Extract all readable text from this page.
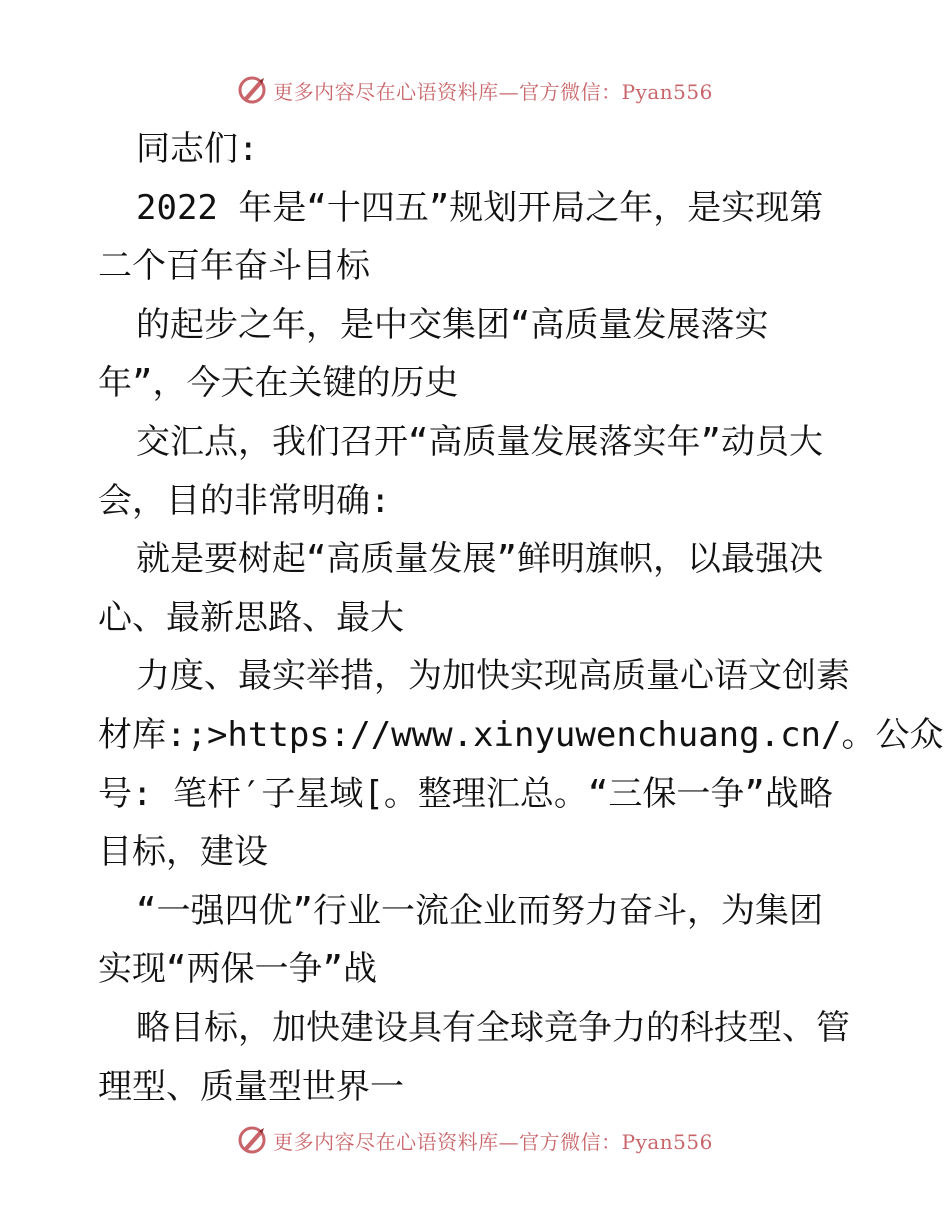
更多内容尽在心语资料库—官方微信：Pyan556
同志们:
2022 年是“十四五”规划开局之年，是实现第
二个百年奋斗目标
的起步之年，是中交集团“高质量发展落实
年”，今天在关键的历史
交汇点，我们召开“高质量发展落实年”动员大
会，目的非常明确:
就是要树起“高质量发展”鲜明旗帜，以最强决
心、最新思路、最大
力度、最实举措，为加快实现高质量心语文创素
材库:;>https://www.xinyuwenchuang.cn/。公众
号: 笔杆′子星域[。整理汇总。“三保一争”战略
目标，建设
“一强四优”行业一流企业而努力奋斗，为集团
实现“两保一争”战
略目标，加快建设具有全球竞争力的科技型、管
理型、质量型世界一
更多内容尽在心语资料库—官方微信：Pyan556
